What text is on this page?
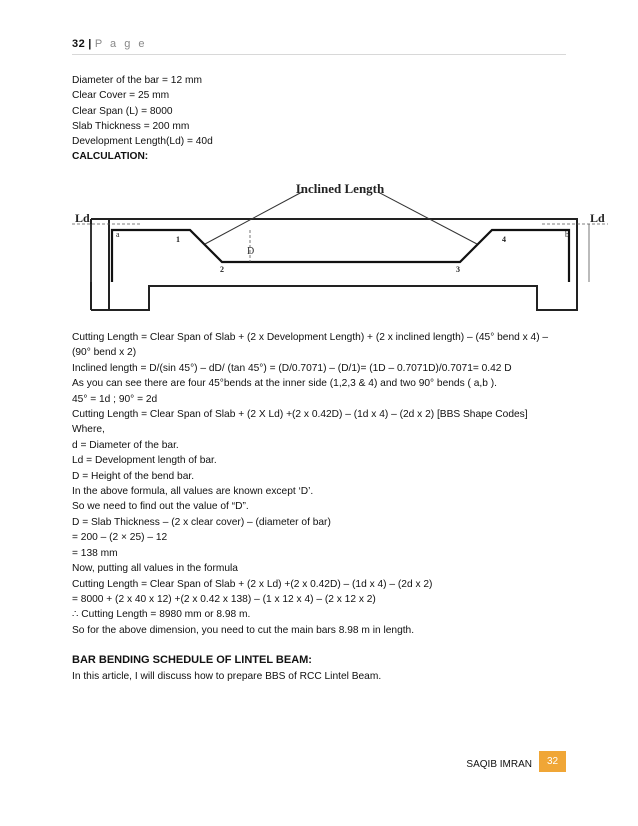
32 | P a g e
Diameter of the bar = 12 mm
Clear Cover = 25 mm
Clear Span (L) = 8000
Slab Thickness = 200 mm
Development Length(Ld) = 40d
CALCULATION:
Inclined Length
Ld	Ld
a	b
D
1
2	3
4

Cutting Length = Clear Span of Slab + (2 x Development Length) + (2 x inclined length) – (45° bend x 4) –

(90° bend x 2)

Inclined length = D/(sin 45°) – dD/ (tan 45°) = (D/0.7071) – (D/1)= (1D – 0.7071D)/0.7071= 0.42 D

As you can see there are four 45°bends at the inner side (1,2,3 & 4) and two 90° bends ( a,b ).

45° = 1d ; 90° = 2d

Cutting Length = Clear Span of Slab + (2 X Ld) +(2 x 0.42D) – (1d x 4) – (2d x 2) [BBS Shape Codes]

Where,

d = Diameter of the bar.

Ld = Development length of bar.

D = Height of the bend bar.

In the above formula, all values are known except ‘D’.

So we need to find out the value of “D”.

D = Slab Thickness – (2 x clear cover) – (diameter of bar)

= 200 – (2 × 25) – 12

= 138 mm

Now, putting all values in the formula

Cutting Length = Clear Span of Slab + (2 x Ld) +(2 x 0.42D) – (1d x 4) – (2d x 2)

= 8000 + (2 x 40 x 12) +(2 x 0.42 x 138) – (1 x 12 x 4) – (2 x 12 x 2)

∴ Cutting Length = 8980 mm or 8.98 m.

So for the above dimension, you need to cut the main bars 8.98 m in length.

BAR BENDING SCHEDULE OF LINTEL BEAM:
In this article, I will discuss how to prepare BBS of RCC Lintel Beam.
SAQIB IMRAN	32
